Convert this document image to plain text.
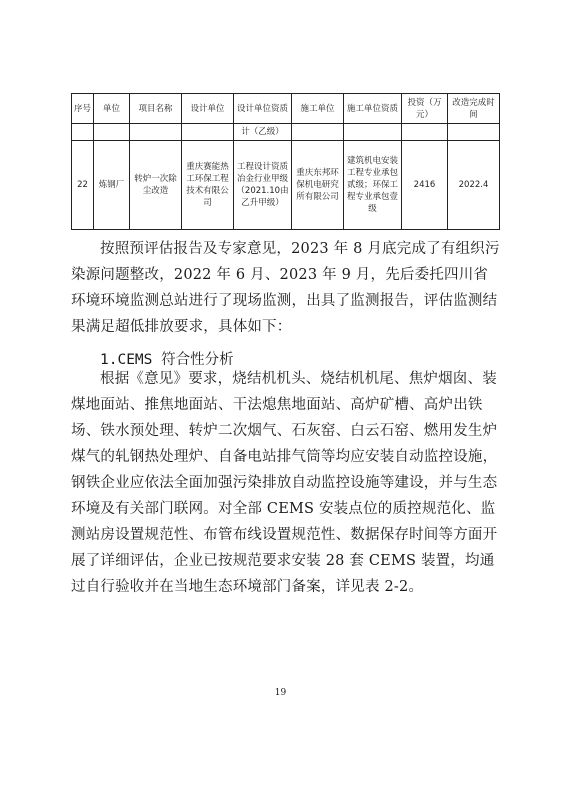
序号	单位	项目名称	设计单位	设计单位资质	施工单位	施工单位资质	投资（万元）	改造完成时间
				计（乙级）				
22	炼钢厂	转炉一次除尘改造	重庆赛能热工环保工程技术有限公司	工程设计资质冶金行业甲级（2021.10由乙升甲级）	重庆东邦环保机电研究所有限公司	建筑机电安装工程专业承包贰级；环保工程专业承包壹级	2416	2022.4
按照预评估报告及专家意见，2023 年 8 月底完成了有组织污染源问题整改，2022 年 6 月、2023 年 9 月，先后委托四川省环境环境监测总站进行了现场监测，出具了监测报告，评估监测结果满足超低排放要求，具体如下：
1.CEMS 符合性分析
根据《意见》要求，烧结机机头、烧结机机尾、焦炉烟囱、装煤地面站、推焦地面站、干法熄焦地面站、高炉矿槽、高炉出铁场、铁水预处理、转炉二次烟气、石灰窑、白云石窑、燃用发生炉煤气的轧钢热处理炉、自备电站排气筒等均应安装自动监控设施，钢铁企业应依法全面加强污染排放自动监控设施等建设，并与生态环境及有关部门联网。对全部 CEMS 安装点位的质控规范化、监测站房设置规范性、布管布线设置规范性、数据保存时间等方面开展了详细评估，企业已按规范要求安装 28 套 CEMS 装置，均通过自行验收并在当地生态环境部门备案，详见表 2-2。
19
